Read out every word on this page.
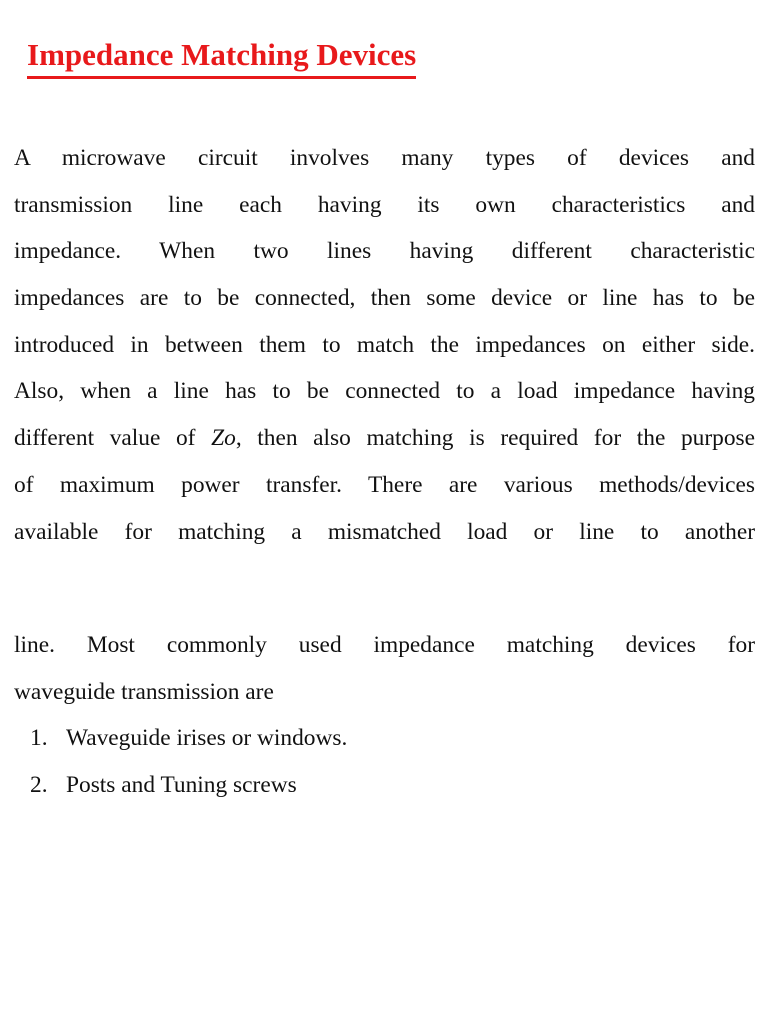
Impedance Matching Devices

A microwave circuit involves many types of devices and
transmission line each having its own characteristics and
impedance. When two lines having different characteristic
impedances are to be connected, then some device or line has to be
introduced in between them to match the impedances on either side.
Also, when a line has to be connected to a load impedance having
different value of Zo, then also matching is required for the purpose
of maximum power transfer. There are various methods/devices
available for matching a mismatched load or line to another

line. Most commonly used impedance matching devices for
waveguide transmission are

1. Waveguide irises or windows.
2. Posts and Tuning screws
